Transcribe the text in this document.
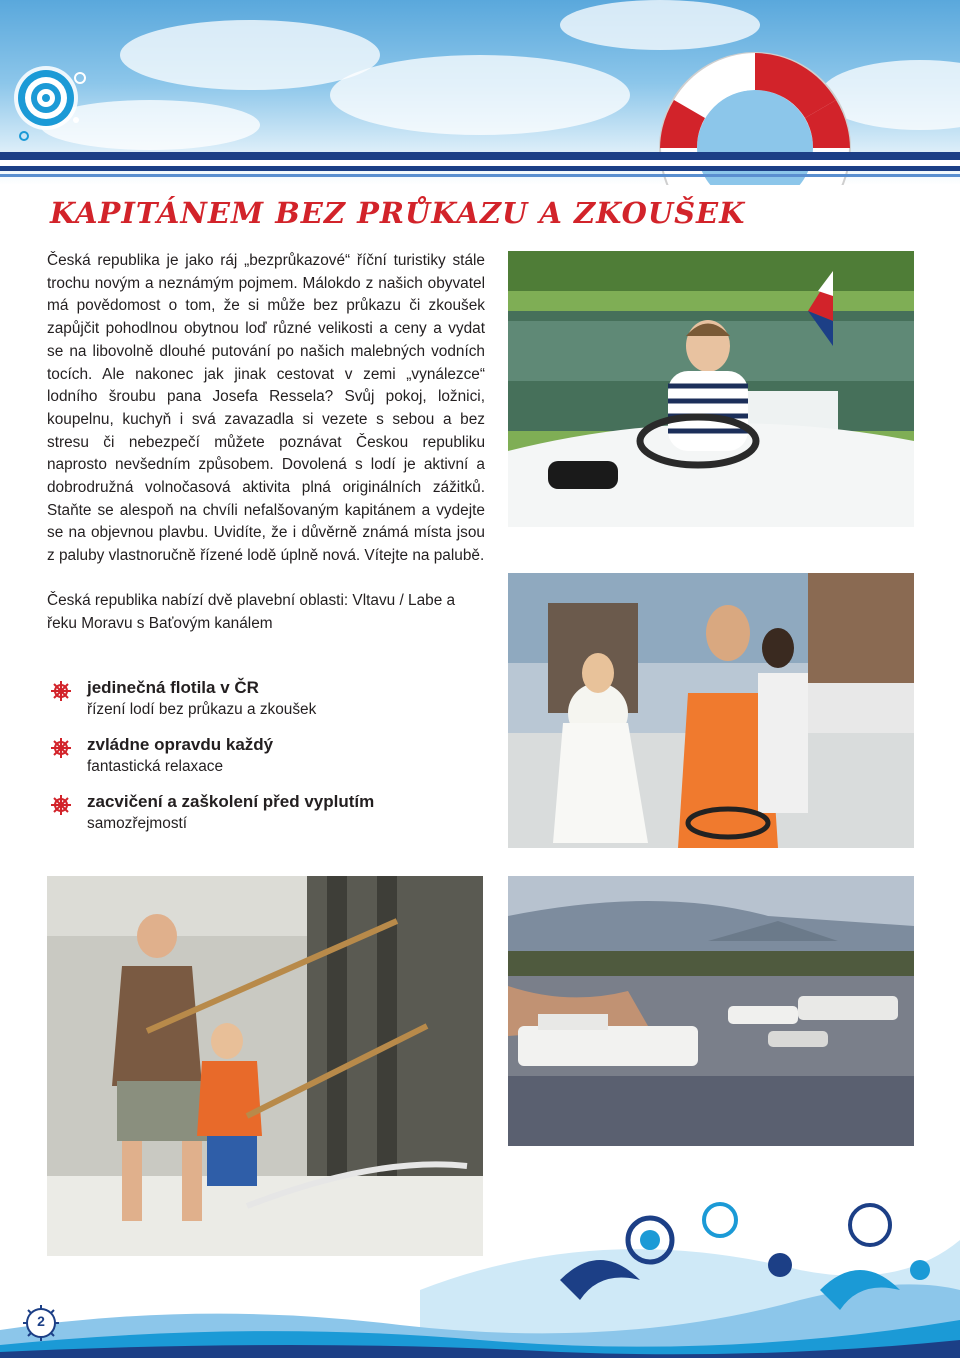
KAPITÁNEM BEZ PRŮKAZU A ZKOUŠEK

Česká republika je jako ráj „bezprůkazové“ říční turistiky stále trochu novým a neznámým pojmem. Málokdo z našich obyvatel má povědomost o tom, že si může bez průkazu či zkoušek zapůjčit pohodlnou obytnou loď různé velikosti a ceny a vydat se na libovolně dlouhé putování po našich malebných vodních tocích. Ale nakonec jak jinak cestovat v zemi „vynálezce“ lodního šroubu pana Josefa Ressela? Svůj pokoj, ložnici, koupelnu, kuchyň i svá zavazadla si vezete s sebou a bez stresu či nebezpečí můžete poznávat Českou republiku naprosto nevšedním způsobem. Dovolená s lodí je aktivní a dobrodružná volnočasová aktivita plná originálních zážitků. Staňte se alespoň na chvíli nefalšovaným kapitánem a vydejte se na objevnou plavbu. Uvidíte, že i důvěrně známá místa jsou z paluby vlastnoručně řízené lodě úplně nová. Vítejte na palubě.

Česká republika nabízí dvě plavební oblasti: Vltavu / Labe a řeku Moravu s Baťovým kanálem

jedinečná flotila v ČR
řízení lodí bez průkazu a zkoušek
zvládne opravdu každý
fantastická relaxace
zacvičení a zaškolení před vyplutím
samozřejmostí
2
